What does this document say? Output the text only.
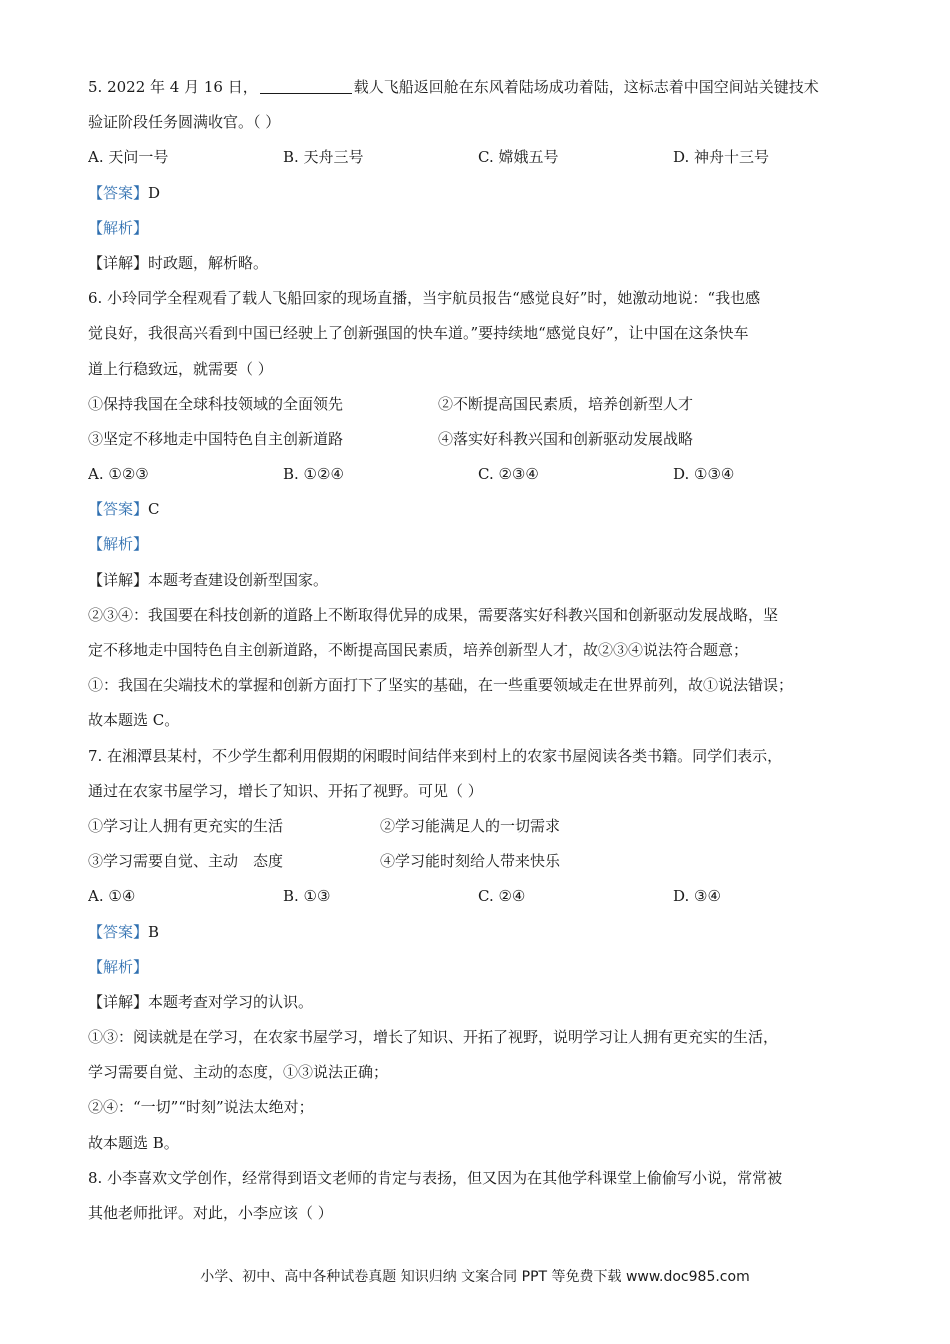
5. 2022 年 4 月 16 日，	载人飞船返回舱在东风着陆场成功着陆，这标志着中国空间站关键技术
验证阶段任务圆满收官。（ ）
A. 天问一号	B. 天舟三号	C. 嫦娥五号	D. 神舟十三号
【答案】D
【解析】
【详解】时政题，解析略。
6. 小玲同学全程观看了载人飞船回家的现场直播，当宇航员报告“感觉良好”时，她激动地说：“我也感
觉良好，我很高兴看到中国已经驶上了创新强国的快车道。”要持续地“感觉良好”，让中国在这条快车
道上行稳致远，就需要（ ）
①保持我国在全球科技领域的全面领先	②不断提高国民素质，培养创新型人才
③坚定不移地走中国特色自主创新道路	④落实好科教兴国和创新驱动发展战略
A. ①②③	B. ①②④	C. ②③④	D. ①③④
【答案】C
【解析】
【详解】本题考查建设创新型国家。
②③④：我国要在科技创新的道路上不断取得优异的成果，需要落实好科教兴国和创新驱动发展战略，坚
定不移地走中国特色自主创新道路，不断提高国民素质，培养创新型人才，故②③④说法符合题意；
①：我国在尖端技术的掌握和创新方面打下了坚实的基础，在一些重要领域走在世界前列，故①说法错误；
故本题选 C。
7. 在湘潭县某村，不少学生都利用假期的闲暇时间结伴来到村上的农家书屋阅读各类书籍。同学们表示，
通过在农家书屋学习，增长了知识、开拓了视野。可见（ ）
①学习让人拥有更充实的生活	②学习能满足人的一切需求
③学习需要自觉、主动　态度	④学习能时刻给人带来快乐
A. ①④	B. ①③	C. ②④	D. ③④
【答案】B
【解析】
【详解】本题考查对学习的认识。
①③：阅读就是在学习，在农家书屋学习，增长了知识、开拓了视野，说明学习让人拥有更充实的生活，
学习需要自觉、主动的态度，①③说法正确；
②④：“一切”“时刻”说法太绝对；
故本题选 B。
8. 小李喜欢文学创作，经常得到语文老师的肯定与表扬，但又因为在其他学科课堂上偷偷写小说，常常被
其他老师批评。对此，小李应该（ ）
小学、初中、高中各种试卷真题 知识归纳 文案合同 PPT 等免费下载 www.doc985.com
